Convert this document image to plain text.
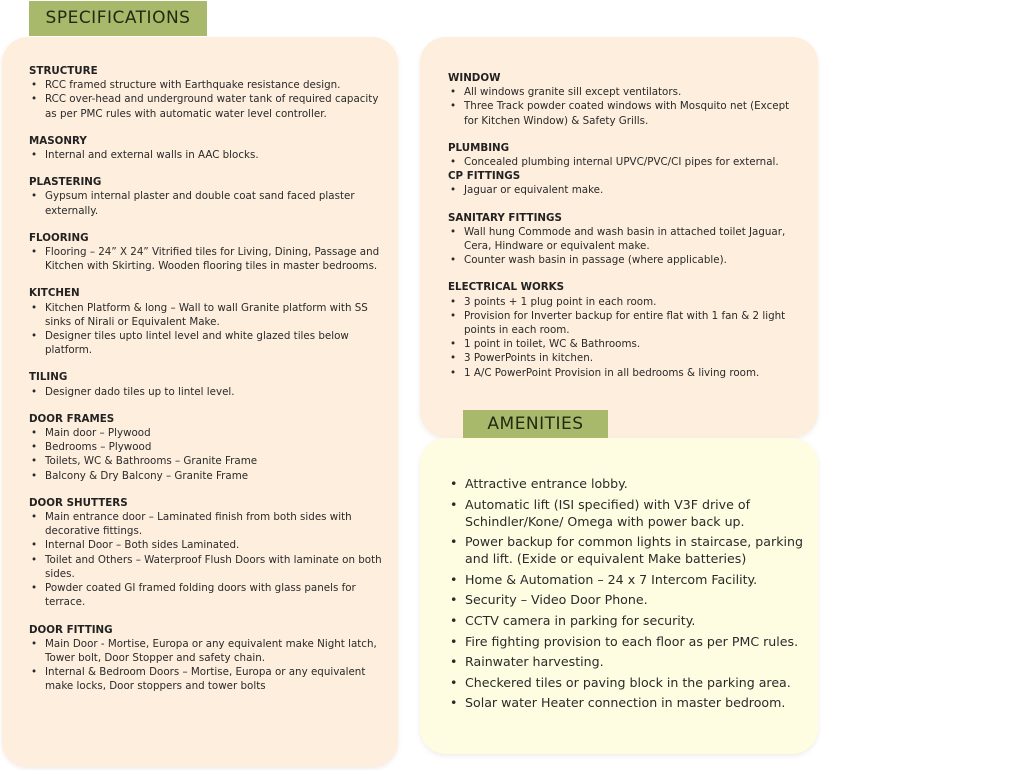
SPECIFICATIONS
AMENITIES
STRUCTURE
• RCC framed structure with Earthquake resistance design.
• RCC over-head and underground water tank of required capacity as per PMC rules with automatic water level controller.
MASONRY
• Internal and external walls in AAC blocks.
PLASTERING
• Gypsum internal plaster and double coat sand faced plaster externally.
FLOORING
• Flooring – 24” X 24” Vitrified tiles for Living, Dining, Passage and Kitchen with Skirting. Wooden flooring tiles in master bedrooms.
KITCHEN
• Kitchen Platform & long – Wall to wall Granite platform with SS sinks of Nirali or Equivalent Make.
• Designer tiles upto lintel level and white glazed tiles below platform.
TILING
• Designer dado tiles up to lintel level.
DOOR FRAMES
• Main door – Plywood
• Bedrooms – Plywood
• Toilets, WC & Bathrooms – Granite Frame
• Balcony & Dry Balcony – Granite Frame
DOOR SHUTTERS
• Main entrance door – Laminated finish from both sides with decorative fittings.
• Internal Door – Both sides Laminated.
• Toilet and Others – Waterproof Flush Doors with laminate on both sides.
• Powder coated GI framed folding doors with glass panels for terrace.
DOOR FITTING
• Main Door - Mortise, Europa or any equivalent make Night latch, Tower bolt, Door Stopper and safety chain.
• Internal & Bedroom Doors – Mortise, Europa or any equivalent make locks, Door stoppers and tower bolts
WINDOW
• All windows granite sill except ventilators.
• Three Track powder coated windows with Mosquito net (Except for Kitchen Window) & Safety Grills.
PLUMBING
• Concealed plumbing internal UPVC/PVC/CI pipes for external.
CP FITTINGS
• Jaguar or equivalent make.
SANITARY FITTINGS
• Wall hung Commode and wash basin in attached toilet Jaguar, Cera, Hindware or equivalent make.
• Counter wash basin in passage (where applicable).
ELECTRICAL WORKS
• 3 points + 1 plug point in each room.
• Provision for Inverter backup for entire flat with 1 fan & 2 light points in each room.
• 1 point in toilet, WC & Bathrooms.
• 3 PowerPoints in kitchen.
• 1 A/C PowerPoint Provision in all bedrooms & living room.
• Attractive entrance lobby.
• Automatic lift (ISI specified) with V3F drive of Schindler/Kone/ Omega with power back up.
• Power backup for common lights in staircase, parking and lift. (Exide or equivalent Make batteries)
• Home & Automation – 24 x 7 Intercom Facility.
• Security – Video Door Phone.
• CCTV camera in parking for security.
• Fire fighting provision to each floor as per PMC rules.
• Rainwater harvesting.
• Checkered tiles or paving block in the parking area.
• Solar water Heater connection in master bedroom.
